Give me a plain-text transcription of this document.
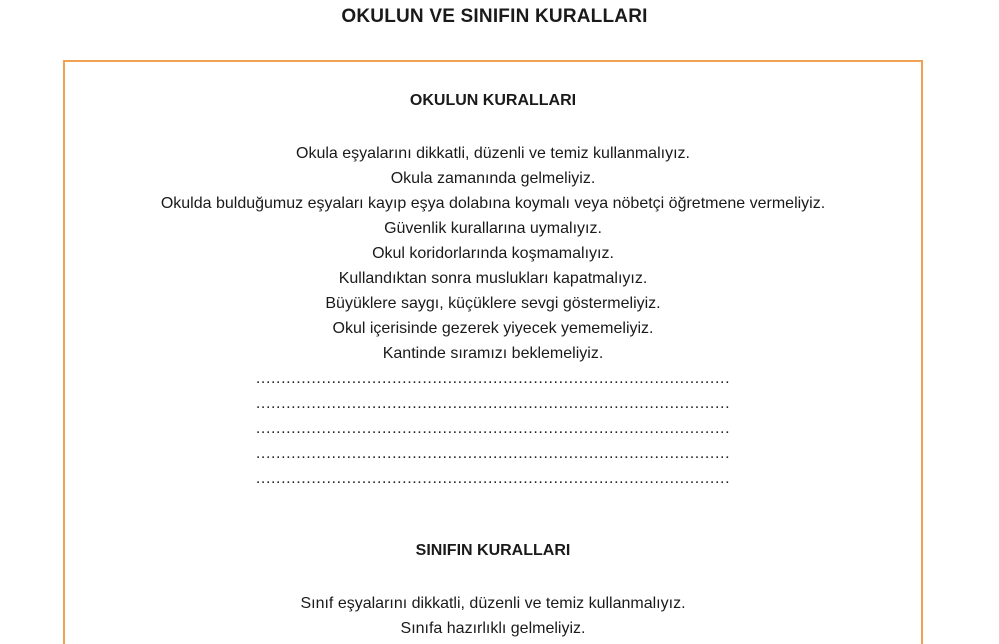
OKULUN VE SINIFIN KURALLARI
OKULUN KURALLARI
Okula eşyalarını dikkatli, düzenli ve temiz kullanmalıyız.
Okula zamanında gelmeliyiz.
Okulda bulduğumuz eşyaları kayıp eşya dolabına koymalı veya nöbetçi öğretmene vermeliyiz.
Güvenlik kurallarına uymalıyız.
Okul koridorlarında koşmamalıyız.
Kullandıktan sonra muslukları kapatmalıyız.
Büyüklere saygı, küçüklere sevgi göstermeliyiz.
Okul içerisinde gezerek yiyecek yememeliyiz.
Kantinde sıramızı beklemeliyiz.
..............................................................................................
..............................................................................................
..............................................................................................
..............................................................................................
..............................................................................................
SINIFIN KURALLARI
Sınıf eşyalarını dikkatli, düzenli ve temiz kullanmalıyız.
Sınıfa hazırlıklı gelmeliyiz.
